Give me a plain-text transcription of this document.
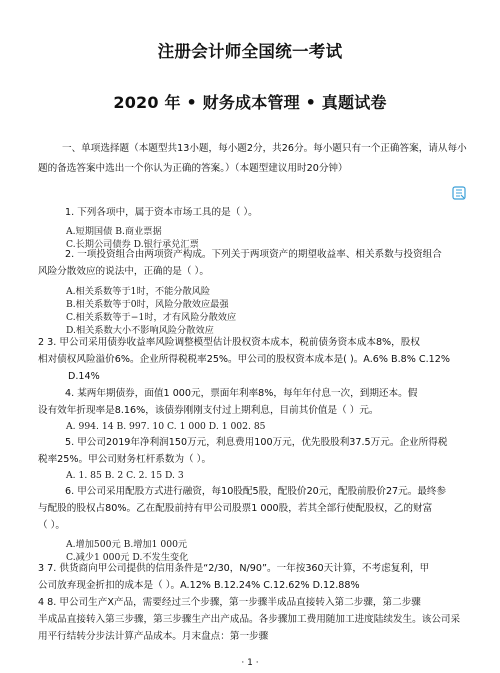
注册会计师全国统一考试
2020 年 • 财务成本管理 • 真题试卷
一、单项选择题（本题型共13小题，每小题2分，共26分。每小题只有一个正确答案，请从每小
题的备选答案中选出一个你认为正确的答案。）（本题型建议用时20分钟）
1. 下列各项中，属于资本市场工具的是（ ）。
A.短期国债 B.商业票据
C.长期公司债券 D.银行承兑汇票
2. 一项投资组合由两项资产构成。下列关于两项资产的期望收益率、相关系数与投资组合
风险分散效应的说法中，正确的是（ ）。
A.相关系数等于1时，不能分散风险
B.相关系数等于0时，风险分散效应最强
C.相关系数等于−1时，才有风险分散效应
D.相关系数大小不影响风险分散效应
2 3. 甲公司采用债券收益率风险调整模型估计股权资本成本，税前债务资本成本8%，股权
相对债权风险溢价6%。企业所得税税率25%。甲公司的股权资本成本是( )。A.6% B.8% C.12%
D.14%
4. 某两年期债券，面值1 000元，票面年利率8%，每年年付息一次，到期还本。假
设有效年折现率是8.16%，该债券刚刚支付过上期利息，目前其价值是（ ）元。
A. 994. 14 B. 997. 10 C. 1 000 D. 1 002. 85
5. 甲公司2019年净利润150万元，利息费用100万元，优先股股利37.5万元。企业所得税
税率25%。甲公司财务杠杆系数为（ ）。
A. 1. 85 B. 2 C. 2. 15 D. 3
6. 甲公司采用配股方式进行融资，每10股配5股，配股价20元，配股前股价27元。最终参
与配股的股权占80%。乙在配股前持有甲公司股票1 000股，若其全部行使配股权，乙的财富
（ ）。
A.增加500元 B.增加1 000元
C.减少1 000元 D.不发生变化
3 7. 供货商向甲公司提供的信用条件是“2/30，N/90”。一年按360天计算，不考虑复利，甲
公司放弃现金折扣的成本是（ ）。A.12% B.12.24% C.12.62% D.12.88%
4 8. 甲公司生产X产品，需要经过三个步骤，第一步骤半成品直接转入第二步骤，第二步骤
半成品直接转入第三步骤，第三步骤生产出产成品。各步骤加工费用随加工进度陆续发生。该公司采
用平行结转分步法计算产品成本。月末盘点：第一步骤
· 1 ·
